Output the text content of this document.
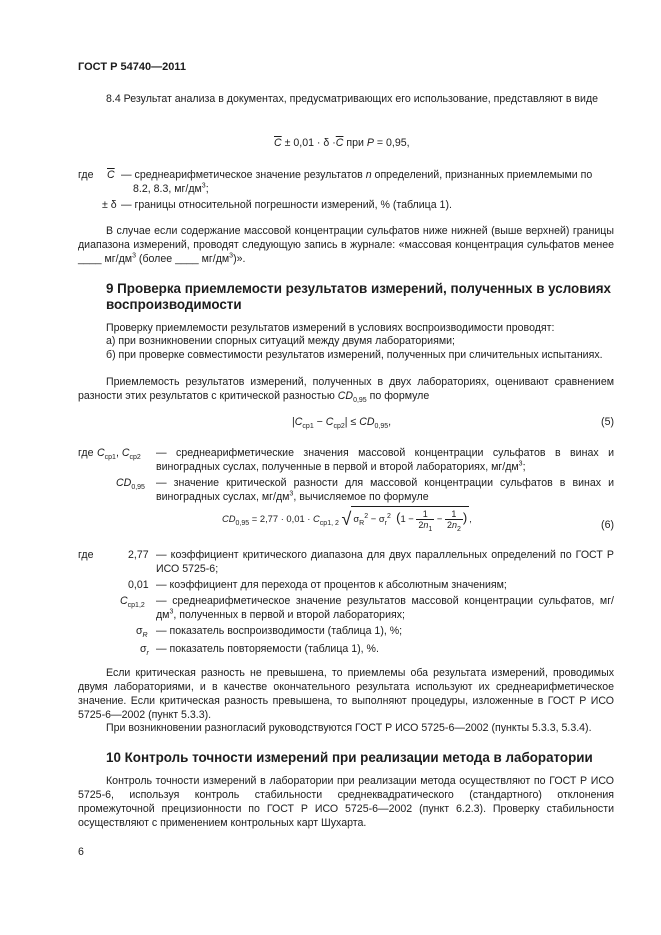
ГОСТ Р 54740—2011
8.4 Результат анализа в документах, предусматривающих его использование, представляют в виде
$\overline{C} \pm 0,01 \cdot \delta \cdot\overline{C}$ при P = 0,95,
где $\overline{C}$ — среднеарифметическое значение результатов n определений, признанных приемлемыми по
8.2, 8.3, $мг/дм^3$;
± δ — границы относительной погрешности измерений, % (таблица 1).
В случае если содержание массовой концентрации сульфатов ниже нижней (выше верхней) границы диапазона измерений, проводят следующую запись в журнале: «массовая концентрация сульфатов менее ____ $мг/дм^3$ (более ____ $мг/дм^3$)».
9 Проверка приемлемости результатов измерений, полученных в условиях
воспроизводимости
Проверку приемлемости результатов измерений в условиях воспроизводимости проводят:
а) при возникновении спорных ситуаций между двумя лабораториями;
б) при проверке совместимости результатов измерений, полученных при сличительных испытаниях.
Приемлемость результатов измерений, полученных в двух лабораториях, оценивают сравнением разности этих результатов с критической разностью $CD_{0,95}$ по формуле
$|C_{ср1} - C_{ср2}| \le CD_{0,95}$,	(5)
где $C_{ср1}$, $C_{ср2}$ — среднеарифметические значения массовой концентрации сульфатов в винах и виноградных суслах, полученные в первой и второй лабораториях, $мг/дм^3$;
$CD_{0,95}$ — значение критической разности для массовой концентрации сульфатов в винах и виноградных суслах, $мг/дм^3$, вычисляемое по формуле
$CD_{0,95} = 2,77 \cdot 0,01 \cdot C_{ср1, 2}$ √ $\sigma_R^2 - \sigma_r^2$ ($1 - \frac{1}{2n_1} - \frac{1}{2n_2}$ ) ,
(6)
где	2,77 — коэффициент критического диапазона для двух параллельных определений по ГОСТ Р ИСО 5725-6;
0,01 — коэффициент для перехода от процентов к абсолютным значениям;
$C_{ср1,2}$ — среднеарифметическое значение результатов массовой концентрации сульфатов, $мг/дм^3$, полученных в первой и второй лабораториях;
$\sigma_R$ — показатель воспроизводимости (таблица 1), %;
$\sigma_r$ — показатель повторяемости (таблица 1), %.
Если критическая разность не превышена, то приемлемы оба результата измерений, проводимых двумя лабораториями, и в качестве окончательного результата используют их среднеарифметическое значение. Если критическая разность превышена, то выполняют процедуры, изложенные в ГОСТ Р ИСО 5725-6—2002 (пункт 5.3.3).
При возникновении разногласий руководствуются ГОСТ Р ИСО 5725-6—2002 (пункты 5.3.3, 5.3.4).
10 Контроль точности измерений при реализации метода в лаборатории
Контроль точности измерений в лаборатории при реализации метода осуществляют по ГОСТ Р ИСО 5725-6, используя контроль стабильности среднеквадратического (стандартного) отклонения промежуточной прецизионности по ГОСТ Р ИСО 5725-6—2002 (пункт 6.2.3). Проверку стабильности осуществляют с применением контрольных карт Шухарта.
6
